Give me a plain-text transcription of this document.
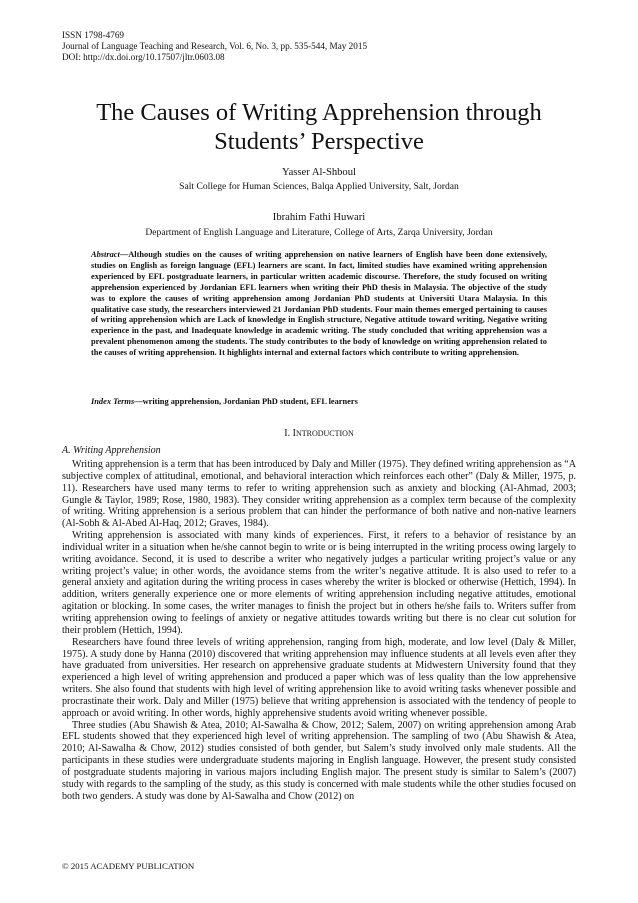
ISSN 1798-4769
Journal of Language Teaching and Research, Vol. 6, No. 3, pp. 535-544, May 2015
DOI: http://dx.doi.org/10.17507/jltr.0603.08
The Causes of Writing Apprehension through
Students’ Perspective
Yasser Al-Shboul
Salt College for Human Sciences, Balqa Applied University, Salt, Jordan
Ibrahim Fathi Huwari
Department of English Language and Literature, College of Arts, Zarqa University, Jordan
Abstract—Although studies on the causes of writing apprehension on native learners of English have been done extensively, studies on English as foreign language (EFL) learners are scant. In fact, limited studies have examined writing apprehension experienced by EFL postgraduate learners, in particular written academic discourse. Therefore, the study focused on writing apprehension experienced by Jordanian EFL learners when writing their PhD thesis in Malaysia. The objective of the study was to explore the causes of writing apprehension among Jordanian PhD students at Universiti Utara Malaysia. In this qualitative case study, the researchers interviewed 21 Jordanian PhD students. Four main themes emerged pertaining to causes of writing apprehension which are Lack of knowledge in English structure, Negative attitude toward writing, Negative writing experience in the past, and Inadequate knowledge in academic writing. The study concluded that writing apprehension was a prevalent phenomenon among the students. The study contributes to the body of knowledge on writing apprehension related to the causes of writing apprehension. It highlights internal and external factors which contribute to writing apprehension.
Index Terms—writing apprehension, Jordanian PhD student, EFL learners
I. INTRODUCTION
A. Writing Apprehension

Writing apprehension is a term that has been introduced by Daly and Miller (1975). They defined writing apprehension as “A subjective complex of attitudinal, emotional, and behavioral interaction which reinforces each other” (Daly & Miller, 1975, p. 11). Researchers have used many terms to refer to writing apprehension such as anxiety and blocking (Al-Ahmad, 2003; Gungle & Taylor, 1989; Rose, 1980, 1983). They consider writing apprehension as a complex term because of the complexity of writing. Writing apprehension is a serious problem that can hinder the performance of both native and non-native learners (Al-Sobh & Al-Abed Al-Haq, 2012; Graves, 1984).

Writing apprehension is associated with many kinds of experiences. First, it refers to a behavior of resistance by an individual writer in a situation when he/she cannot begin to write or is being interrupted in the writing process owing largely to writing avoidance. Second, it is used to describe a writer who negatively judges a particular writing project’s value or any writing project’s value; in other words, the avoidance stems from the writer’s negative attitude. It is also used to refer to a general anxiety and agitation during the writing process in cases whereby the writer is blocked or otherwise (Hettich, 1994). In addition, writers generally experience one or more elements of writing apprehension including negative attitudes, emotional agitation or blocking. In some cases, the writer manages to finish the project but in others he/she fails to. Writers suffer from writing apprehension owing to feelings of anxiety or negative attitudes towards writing but there is no clear cut solution for their problem (Hettich, 1994).

Researchers have found three levels of writing apprehension, ranging from high, moderate, and low level (Daly & Miller, 1975). A study done by Hanna (2010) discovered that writing apprehension may influence students at all levels even after they have graduated from universities. Her research on apprehensive graduate students at Midwestern University found that they experienced a high level of writing apprehension and produced a paper which was of less quality than the low apprehensive writers. She also found that students with high level of writing apprehension like to avoid writing tasks whenever possible and procrastinate their work. Daly and Miller (1975) believe that writing apprehension is associated with the tendency of people to approach or avoid writing. In other words, highly apprehensive students avoid writing whenever possible.

Three studies (Abu Shawish & Atea, 2010; Al-Sawalha & Chow, 2012; Salem, 2007) on writing apprehension among Arab EFL students showed that they experienced high level of writing apprehension. The sampling of two (Abu Shawish & Atea, 2010; Al-Sawalha & Chow, 2012) studies consisted of both gender, but Salem’s study involved only male students. All the participants in these studies were undergraduate students majoring in English language. However, the present study consisted of postgraduate students majoring in various majors including English major. The present study is similar to Salem’s (2007) study with regards to the sampling of the study, as this study is concerned with male students while the other studies focused on both two genders. A study was done by Al-Sawalha and Chow (2012) on

© 2015 ACADEMY PUBLICATION
